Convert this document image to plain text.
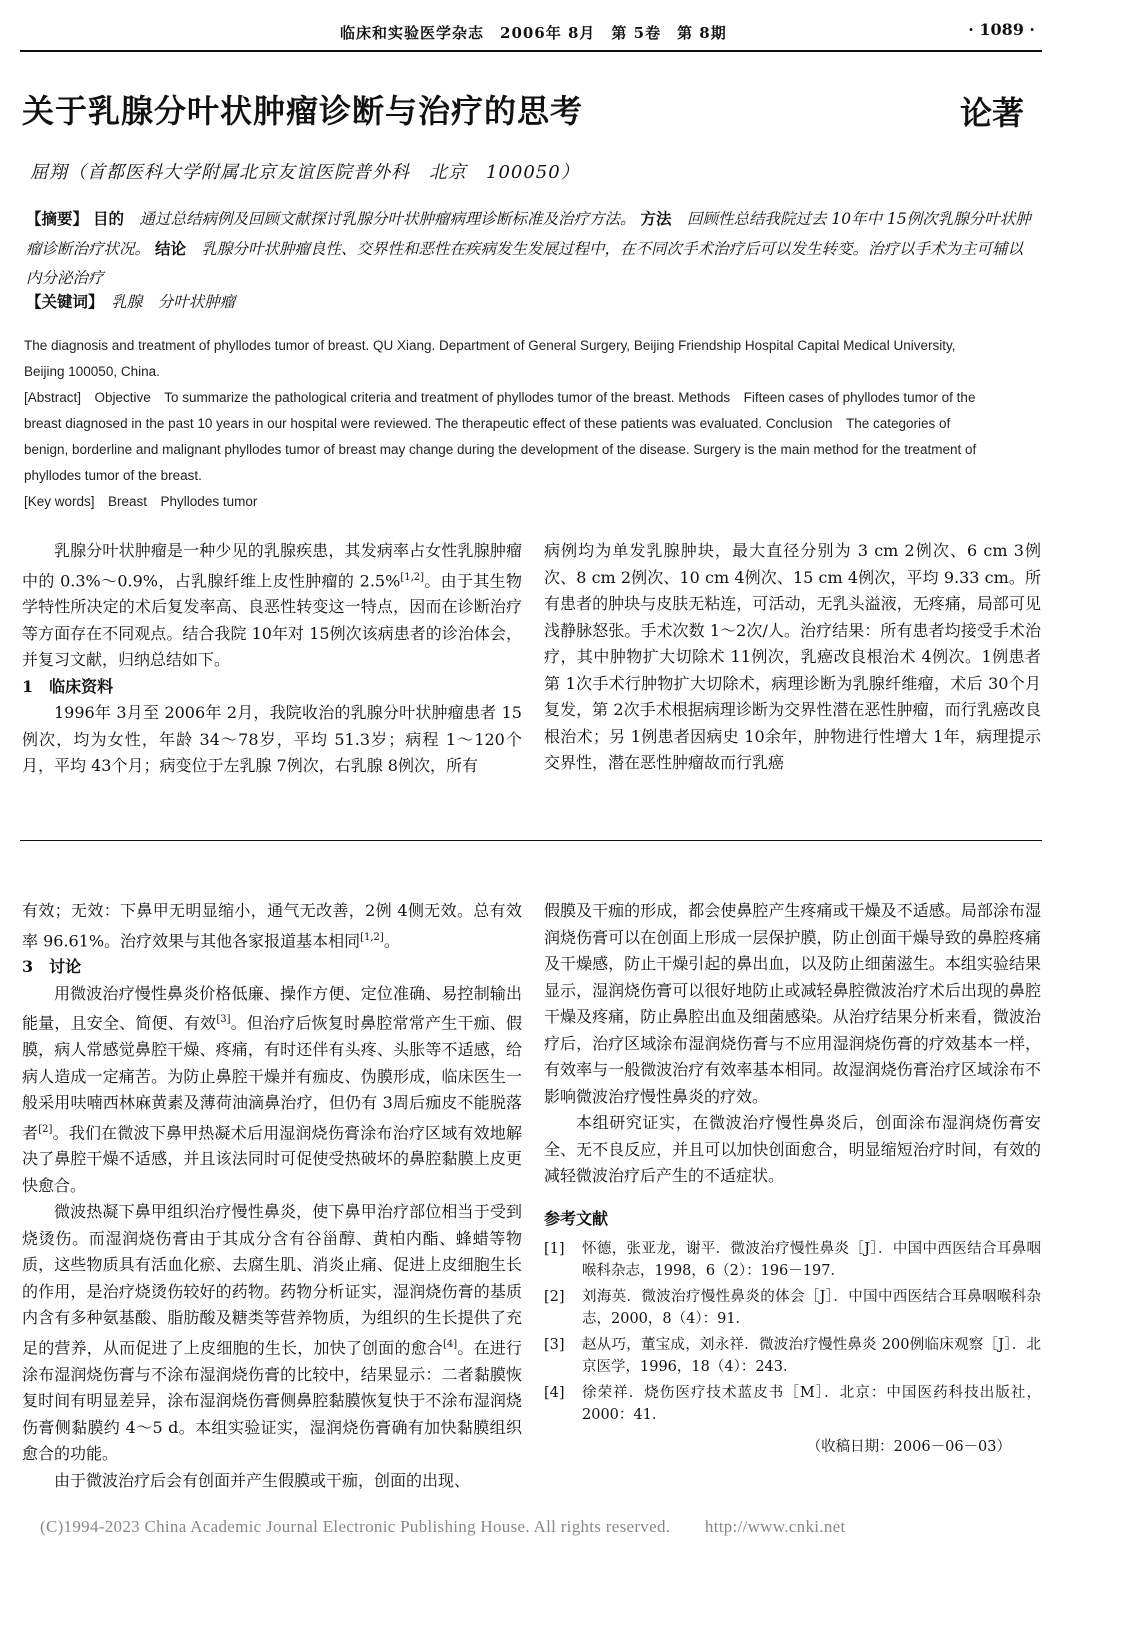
临床和实验医学杂志　2006年 8月　第 5卷　第 8期	· 1089 ·
关于乳腺分叶状肿瘤诊断与治疗的思考	论著
屈翔（首都医科大学附属北京友谊医院普外科　北京　100050）
【摘要】 目的　 通过总结病例及回顾文献探讨乳腺分叶状肿瘤病理诊断标准及治疗方法。 方法　 回顾性总结我院过去 10年中 15例次乳腺分叶状肿瘤诊断治疗状况。 结论　 乳腺分叶状肿瘤良性、交界性和恶性在疾病发生发展过程中，在不同次手术治疗后可以发生转变。治疗以手术为主可辅以内分泌治疗
【关键词】　 乳腺　分叶状肿瘤

The diagnosis and treatment of phyllodes tumor of breast. QU Xiang. Department of General Surgery, Beijing Friendship Hospital Capital Medical University, Beijing 100050, China.

[Abstract]　Objective　To summarize the pathological criteria and treatment of phyllodes tumor of the breast. Methods　Fifteen cases of phyllodes tumor of the breast diagnosed in the past 10 years in our hospital were reviewed. The therapeutic effect of these patients was evaluated. Conclusion　The categories of benign, borderline and malignant phyllodes tumor of breast may change during the development of the disease. Surgery is the main method for the treatment of phyllodes tumor of the breast.

[Key words]　Breast　Phyllodes tumor

乳腺分叶状肿瘤是一种少见的乳腺疾患，其发病率占女性乳腺肿瘤中的 0.3%～0.9%，占乳腺纤维上皮性肿瘤的 2.5%[1,2]。由于其生物学特性所决定的术后复发率高、良恶性转变这一特点，因而在诊断治疗等方面存在不同观点。结合我院 10年对 15例次该病患者的诊治体会，并复习文献，归纳总结如下。

1　临床资料

1996年 3月至 2006年 2月，我院收治的乳腺分叶状肿瘤患者 15例次，均为女性，年龄 34～78岁，平均 51.3岁；病程 1～120个月，平均 43个月；病变位于左乳腺 7例次，右乳腺 8例次，所有

病例均为单发乳腺肿块，最大直径分别为 3 cm 2例次、6 cm 3例次、8 cm 2例次、10 cm 4例次、15 cm 4例次，平均 9.33 cm。所有患者的肿块与皮肤无粘连，可活动，无乳头溢液，无疼痛，局部可见浅静脉怒张。手术次数 1～2次/人。治疗结果：所有患者均接受手术治疗，其中肿物扩大切除术 11例次，乳癌改良根治术 4例次。1例患者第 1次手术行肿物扩大切除术，病理诊断为乳腺纤维瘤，术后 30个月复发，第 2次手术根据病理诊断为交界性潜在恶性肿瘤，而行乳癌改良根治术；另 1例患者因病史 10余年，肿物进行性增大 1年，病理提示交界性，潜在恶性肿瘤故而行乳癌

有效；无效：下鼻甲无明显缩小，通气无改善，2例 4侧无效。总有效率 96.61%。治疗效果与其他各家报道基本相同[1,2]。

3　讨论

用微波治疗慢性鼻炎价格低廉、操作方便、定位准确、易控制输出能量，且安全、简便、有效[3]。但治疗后恢复时鼻腔常常产生干痂、假膜，病人常感觉鼻腔干燥、疼痛，有时还伴有头疼、头胀等不适感，给病人造成一定痛苦。为防止鼻腔干燥并有痂皮、伪膜形成，临床医生一般采用呋喃西林麻黄素及薄荷油滴鼻治疗，但仍有 3周后痂皮不能脱落者[2]。我们在微波下鼻甲热凝术后用湿润烧伤膏涂布治疗区域有效地解决了鼻腔干燥不适感，并且该法同时可促使受热破坏的鼻腔黏膜上皮更快愈合。

微波热凝下鼻甲组织治疗慢性鼻炎，使下鼻甲治疗部位相当于受到烧烫伤。而湿润烧伤膏由于其成分含有谷甾醇、黄柏内酯、蜂蜡等物质，这些物质具有活血化瘀、去腐生肌、消炎止痛、促进上皮细胞生长的作用，是治疗烧烫伤较好的药物。药物分析证实，湿润烧伤膏的基质内含有多种氨基酸、脂肪酸及糖类等营养物质，为组织的生长提供了充足的营养，从而促进了上皮细胞的生长，加快了创面的愈合[4]。在进行涂布湿润烧伤膏与不涂布湿润烧伤膏的比较中，结果显示：二者黏膜恢复时间有明显差异，涂布湿润烧伤膏侧鼻腔黏膜恢复快于不涂布湿润烧伤膏侧黏膜约 4～5 d。本组实验证实，湿润烧伤膏确有加快黏膜组织愈合的功能。

由于微波治疗后会有创面并产生假膜或干痂，创面的出现、

假膜及干痂的形成，都会使鼻腔产生疼痛或干燥及不适感。局部涂布湿润烧伤膏可以在创面上形成一层保护膜，防止创面干燥导致的鼻腔疼痛及干燥感，防止干燥引起的鼻出血，以及防止细菌滋生。本组实验结果显示，湿润烧伤膏可以很好地防止或减轻鼻腔微波治疗术后出现的鼻腔干燥及疼痛，防止鼻腔出血及细菌感染。从治疗结果分析来看，微波治疗后，治疗区域涂布湿润烧伤膏与不应用湿润烧伤膏的疗效基本一样，有效率与一般微波治疗有效率基本相同。故湿润烧伤膏治疗区域涂布不影响微波治疗慢性鼻炎的疗效。

本组研究证实，在微波治疗慢性鼻炎后，创面涂布湿润烧伤膏安全、无不良反应，并且可以加快创面愈合，明显缩短治疗时间，有效的减轻微波治疗后产生的不适症状。

参考文献
[1]	怀德，张亚龙，谢平．微波治疗慢性鼻炎［J］．中国中西医结合耳鼻咽喉科杂志，1998，6（2）：196－197．
[2]	刘海英．微波治疗慢性鼻炎的体会［J］．中国中西医结合耳鼻咽喉科杂志，2000，8（4）：91．
[3]	赵从巧，董宝成，刘永祥．微波治疗慢性鼻炎 200例临床观察［J］．北京医学，1996，18（4）：243．
[4]	徐荣祥．烧伤医疗技术蓝皮书［M］．北京：中国医药科技出版社，2000：41．
（收稿日期：2006－06－03）
(C)1994-2023 China Academic Journal Electronic Publishing House. All rights reserved.　　http://www.cnki.net
